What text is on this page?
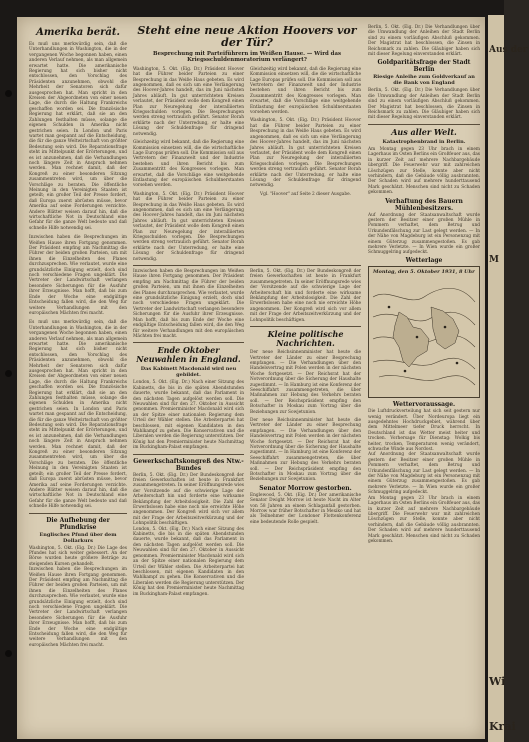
Aus der
M
Wi
Krai
Amerika berät.
Es muß uns merkwürdig sein, daß die Unterhandlungen in Washington, die in der vergangenen Woche begonnen haben, einen anderen Verlauf nehmen, als man allgemein erwartet hatte. Die amerikanische Regierung hat sich bisher nicht entschlossen, den Vorschlag des Präsidenten anzunehmen, obwohl die Mehrheit der Senatoren sich dafür ausgesprochen hat. Man spricht in den Kreisen der Abgeordneten von einer neuen Lage, die durch die Haltung Frankreichs geschaffen worden sei. Die französische Regierung hat erklärt, daß sie an den Zahlungen festhalten müsse, solange die eigenen Schulden in Amerika nicht gestrichen seien. In London und Paris wartet man gespannt auf die Entscheidung, die für die ganze Weltwirtschaft von größter Bedeutung sein wird. Die Reparationsfrage steht im Mittelpunkt der Erörterungen, und es ist anzunehmen, daß die Verhandlungen noch längere Zeit in Anspruch nehmen werden. Man rechnet damit, daß der Kongreß zu einer besonderen Sitzung zusammentreten wird, um über die Vorschläge zu beraten. Die öffentliche Meinung in den Vereinigten Staaten ist geteilt; ein großer Teil der Presse fordert, daß Europa zuerst abrüsten müsse, bevor Amerika auf seine Forderungen verzichte. Andere Blätter weisen darauf hin, daß die wirtschaftliche Not in Deutschland eine Gefahr für die ganze Welt bedeute und daß schnelle Hilfe notwendig sei.
Inzwischen haben die Besprechungen im Weißen Hause ihren Fortgang genommen. Der Präsident empfing am Nachmittag die Führer der beiden großen Parteien, um mit ihnen die Einzelheiten des Planes durchzusprechen. Wie verlautet, wurde eine grundsätzliche Einigung erzielt, doch sind noch verschiedene Fragen ungeklärt. Die Vertreter der Landwirtschaft verlangen besondere Sicherungen für die Ausfuhr ihrer Erzeugnisse. Man hofft, daß bis zum Ende der Woche eine endgültige Entscheidung fallen wird, die den Weg für weitere Verhandlungen mit den europäischen Mächten frei macht.
Es muß uns merkwürdig sein, daß die Unterhandlungen in Washington, die in der vergangenen Woche begonnen haben, einen anderen Verlauf nehmen, als man allgemein erwartet hatte. Die amerikanische Regierung hat sich bisher nicht entschlossen, den Vorschlag des Präsidenten anzunehmen, obwohl die Mehrheit der Senatoren sich dafür ausgesprochen hat. Man spricht in den Kreisen der Abgeordneten von einer neuen Lage, die durch die Haltung Frankreichs geschaffen worden sei. Die französische Regierung hat erklärt, daß sie an den Zahlungen festhalten müsse, solange die eigenen Schulden in Amerika nicht gestrichen seien. In London und Paris wartet man gespannt auf die Entscheidung, die für die ganze Weltwirtschaft von größter Bedeutung sein wird. Die Reparationsfrage steht im Mittelpunkt der Erörterungen, und es ist anzunehmen, daß die Verhandlungen noch längere Zeit in Anspruch nehmen werden. Man rechnet damit, daß der Kongreß zu einer besonderen Sitzung zusammentreten wird, um über die Vorschläge zu beraten. Die öffentliche Meinung in den Vereinigten Staaten ist geteilt; ein großer Teil der Presse fordert, daß Europa zuerst abrüsten müsse, bevor Amerika auf seine Forderungen verzichte. Andere Blätter weisen darauf hin, daß die wirtschaftliche Not in Deutschland eine Gefahr für die ganze Welt bedeute und daß schnelle Hilfe notwendig sei.
Die Aufhebung der Pfundkrise
Englisches Pfund über dem Dollarkurs
Washington, 5. Okt. (Eig. Dr.) Die Lage des Pfundes hat sich weiter gebessert. An der Börse wurden heute größere Beträge zu steigenden Kursen gehandelt.
Inzwischen haben die Besprechungen im Weißen Hause ihren Fortgang genommen. Der Präsident empfing am Nachmittag die Führer der beiden großen Parteien, um mit ihnen die Einzelheiten des Planes durchzusprechen. Wie verlautet, wurde eine grundsätzliche Einigung erzielt, doch sind noch verschiedene Fragen ungeklärt. Die Vertreter der Landwirtschaft verlangen besondere Sicherungen für die Ausfuhr ihrer Erzeugnisse. Man hofft, daß bis zum Ende der Woche eine endgültige Entscheidung fallen wird, die den Weg für weitere Verhandlungen mit den europäischen Mächten frei macht.
Steht eine neue Aktion Hoovers vor der Tür?
Besprechung mit Parteiführern im Weißen Hause. — Wird das Kriegsschuldenmoratorium verlängert?
Washington, 5. Okt. (Eig. Dr.) Präsident Hoover hat die Führer beider Parteien zu einer Besprechung in das Weiße Haus gebeten. Es wird angenommen, daß es sich um eine Verlängerung des Hoover-Jahres handelt, das im Juni nächsten Jahres abläuft. In gut unterrichteten Kreisen verlautet, der Präsident wolle dem Kongreß einen Plan zur Neuregelung der interalliierten Kriegsschulden vorlegen. Die Besprechungen werden streng vertraulich geführt. Senator Borah erklärte nach der Unterredung, er halte eine Lösung der Schuldenfrage für dringend notwendig.
Gleichzeitig wird bekannt, daß die Regierung eine Kommission einsetzen will, die die wirtschaftliche Lage Europas prüfen soll. Die Kommission soll aus Vertretern der Finanzwelt und der Industrie bestehen und ihren Bericht bis zum Zusammentritt des Kongresses vorlegen. Man erwartet, daß die Vorschläge eine weitgehende Entlastung der europäischen Schuldnerstaaten vorsehen werden.
Washington, 5. Okt. (Eig. Dr.) Präsident Hoover hat die Führer beider Parteien zu einer Besprechung in das Weiße Haus gebeten. Es wird angenommen, daß es sich um eine Verlängerung des Hoover-Jahres handelt, das im Juni nächsten Jahres abläuft. In gut unterrichteten Kreisen verlautet, der Präsident wolle dem Kongreß einen Plan zur Neuregelung der interalliierten Kriegsschulden vorlegen. Die Besprechungen werden streng vertraulich geführt. Senator Borah erklärte nach der Unterredung, er halte eine Lösung der Schuldenfrage für dringend notwendig.
Gleichzeitig wird bekannt, daß die Regierung eine Kommission einsetzen will, die die wirtschaftliche Lage Europas prüfen soll. Die Kommission soll aus Vertretern der Finanzwelt und der Industrie bestehen und ihren Bericht bis zum Zusammentritt des Kongresses vorlegen. Man erwartet, daß die Vorschläge eine weitgehende Entlastung der europäischen Schuldnerstaaten vorsehen werden.
Washington, 5. Okt. (Eig. Dr.) Präsident Hoover hat die Führer beider Parteien zu einer Besprechung in das Weiße Haus gebeten. Es wird angenommen, daß es sich um eine Verlängerung des Hoover-Jahres handelt, das im Juni nächsten Jahres abläuft. In gut unterrichteten Kreisen verlautet, der Präsident wolle dem Kongreß einen Plan zur Neuregelung der interalliierten Kriegsschulden vorlegen. Die Besprechungen werden streng vertraulich geführt. Senator Borah erklärte nach der Unterredung, er halte eine Lösung der Schuldenfrage für dringend notwendig.
Vgl. "Hoover" auf Seite 2 dieser Ausgabe.
Inzwischen haben die Besprechungen im Weißen Hause ihren Fortgang genommen. Der Präsident empfing am Nachmittag die Führer der beiden großen Parteien, um mit ihnen die Einzelheiten des Planes durchzusprechen. Wie verlautet, wurde eine grundsätzliche Einigung erzielt, doch sind noch verschiedene Fragen ungeklärt. Die Vertreter der Landwirtschaft verlangen besondere Sicherungen für die Ausfuhr ihrer Erzeugnisse. Man hofft, daß bis zum Ende der Woche eine endgültige Entscheidung fallen wird, die den Weg für weitere Verhandlungen mit den europäischen Mächten frei macht.
Ende Oktober Neuwahlen in England.
Das Kabinett Macdonald wird neu gebildet.
London, 5. Okt. (Eig. Dr.) Nach einer Sitzung des Kabinetts, die bis in die späten Abendstunden dauerte, wurde bekannt, daß das Parlament in den nächsten Tagen aufgelöst werden soll. Die Neuwahlen sind für den 27. Oktober in Aussicht genommen. Premierminister Macdonald wird sich an der Spitze einer nationalen Regierung dem Urteil der Wähler stellen. Die Arbeiterpartei hat beschlossen, mit eigenen Kandidaten in den Wahlkampf zu gehen. Die Konservativen und die Liberalen werden die Regierung unterstützen. Der König hat den Premierminister heute Nachmittag im Buckingham-Palast empfangen.
Gewerkschaftskongreß des Ntw.-Bundes
Berlin, 5. Okt. (Eig. Dr.) Der Bundeskongreß der freien Gewerkschaften ist heute in Frankfurt zusammengetreten. In seiner Eröffnungsrede wies der Vorsitzende auf die schwierige Lage der Arbeiterschaft hin und forderte eine wirksame Bekämpfung der Arbeitslosigkeit. Die Zahl der Erwerbslosen habe eine noch nie erreichte Höhe angenommen. Der Kongreß wird sich vor allem mit der Frage der Arbeitszeitverkürzung und der Lohnpolitik beschäftigen.
London, 5. Okt. (Eig. Dr.) Nach einer Sitzung des Kabinetts, die bis in die späten Abendstunden dauerte, wurde bekannt, daß das Parlament in den nächsten Tagen aufgelöst werden soll. Die Neuwahlen sind für den 27. Oktober in Aussicht genommen. Premierminister Macdonald wird sich an der Spitze einer nationalen Regierung dem Urteil der Wähler stellen. Die Arbeiterpartei hat beschlossen, mit eigenen Kandidaten in den Wahlkampf zu gehen. Die Konservativen und die Liberalen werden die Regierung unterstützen. Der König hat den Premierminister heute Nachmittag im Buckingham-Palast empfangen.
Berlin, 5. Okt. (Eig. Dr.) Der Bundeskongreß der freien Gewerkschaften ist heute in Frankfurt zusammengetreten. In seiner Eröffnungsrede wies der Vorsitzende auf die schwierige Lage der Arbeiterschaft hin und forderte eine wirksame Bekämpfung der Arbeitslosigkeit. Die Zahl der Erwerbslosen habe eine noch nie erreichte Höhe angenommen. Der Kongreß wird sich vor allem mit der Frage der Arbeitszeitverkürzung und der Lohnpolitik beschäftigen.
Kleine politische Nachrichten.
Der neue Reichsinnenminister hat heute die Vertreter der Länder zu einer Besprechung empfangen. — Die Verhandlungen über den Handelsvertrag mit Polen werden in der nächsten Woche fortgesetzt. — Der Reichsrat hat der Notverordnung über die Sicherung der Haushalte zugestimmt. — In Hamburg ist eine Konferenz der Seeschiffahrt zusammengetreten, die über Maßnahmen zur Hebung des Verkehrs beraten soll. — Der Reichspräsident empfing den Botschafter in Moskau zum Vortrag über die Beziehungen zur Sowjetunion.
Der neue Reichsinnenminister hat heute die Vertreter der Länder zu einer Besprechung empfangen. — Die Verhandlungen über den Handelsvertrag mit Polen werden in der nächsten Woche fortgesetzt. — Der Reichsrat hat der Notverordnung über die Sicherung der Haushalte zugestimmt. — In Hamburg ist eine Konferenz der Seeschiffahrt zusammengetreten, die über Maßnahmen zur Hebung des Verkehrs beraten soll. — Der Reichspräsident empfing den Botschafter in Moskau zum Vortrag über die Beziehungen zur Sowjetunion.
Senator Morrow gestorben.
Englewood, 5. Okt. (Eig. Dr.) Der amerikanische Senator Dwight Morrow ist heute Nacht im Alter von 58 Jahren an einem Schlaganfall gestorben. Morrow war früher Botschafter in Mexiko und hat als Teilnehmer der Londoner Flottenkonferenz eine bedeutende Rolle gespielt.
Berlin, 5. Okt. (Eig. Dr.) Die Verhandlungen über die Umwandlung der Anleihen der Stadt Berlin sind zu einem vorläufigen Abschluß gekommen. Der Magistrat hat beschlossen, die Zinsen in Reichsmark zu zahlen. Die Gläubiger haben sich mit dieser Regelung einverstanden erklärt.
Goldparitätsfrage der Stadt Berlin
Riesige Anleihe zum Goldverkauf an die Bank von England
Berlin, 5. Okt. (Eig. Dr.) Die Verhandlungen über die Umwandlung der Anleihen der Stadt Berlin sind zu einem vorläufigen Abschluß gekommen. Der Magistrat hat beschlossen, die Zinsen in Reichsmark zu zahlen. Die Gläubiger haben sich mit dieser Regelung einverstanden erklärt.
Aus aller Welt.
Katastrophenbrand in Berlin.
Am Montag gegen 23 Uhr brach in einem Lagerhaus im Osten Berlins ein Großfeuer aus, das in kurzer Zeit auf mehrere Nachbargebäude übergriff. Die Feuerwehr war mit zahlreichen Löschzügen zur Stelle, konnte aber nicht verhindern, daß die Gebäude völlig ausbrannten. Der Schaden wird auf mehrere hunderttausend Mark geschätzt. Menschen sind nicht zu Schaden gekommen.
Verhaftung des Bauern Mühlenbesitzers.
Auf Anordnung der Staatsanwaltschaft wurde gestern der Besitzer einer großen Mühle in Pommern verhaftet, dem Betrug und Urkundenfälschung zur Last gelegt werden. — In der Nähe von Magdeburg ist ein Personenzug mit einem Güterzug zusammengestoßen. Es gab mehrere Verletzte. — In Wien wurde ein großer Schmuggelring aufgedeckt.
Wetterlage
Montag, den 5. Oktober 1931, 8 Uhr
Wettervoraussage.
Die Luftdruckverteilung hat sich seit gestern nur wenig verändert. Über Nordeuropa liegt ein ausgedehntes Hochdruckgebiet, während über dem Mittelmeer tiefer Druck herrscht. In Deutschland ist das Wetter meist heiter und trocken. Vorhersage für Dienstag: Wolkig bis heiter, trocken, Temperaturen wenig verändert, schwache Winde aus Nordost.
Auf Anordnung der Staatsanwaltschaft wurde gestern der Besitzer einer großen Mühle in Pommern verhaftet, dem Betrug und Urkundenfälschung zur Last gelegt werden. — In der Nähe von Magdeburg ist ein Personenzug mit einem Güterzug zusammengestoßen. Es gab mehrere Verletzte. — In Wien wurde ein großer Schmuggelring aufgedeckt.
Am Montag gegen 23 Uhr brach in einem Lagerhaus im Osten Berlins ein Großfeuer aus, das in kurzer Zeit auf mehrere Nachbargebäude übergriff. Die Feuerwehr war mit zahlreichen Löschzügen zur Stelle, konnte aber nicht verhindern, daß die Gebäude völlig ausbrannten. Der Schaden wird auf mehrere hunderttausend Mark geschätzt. Menschen sind nicht zu Schaden gekommen.
